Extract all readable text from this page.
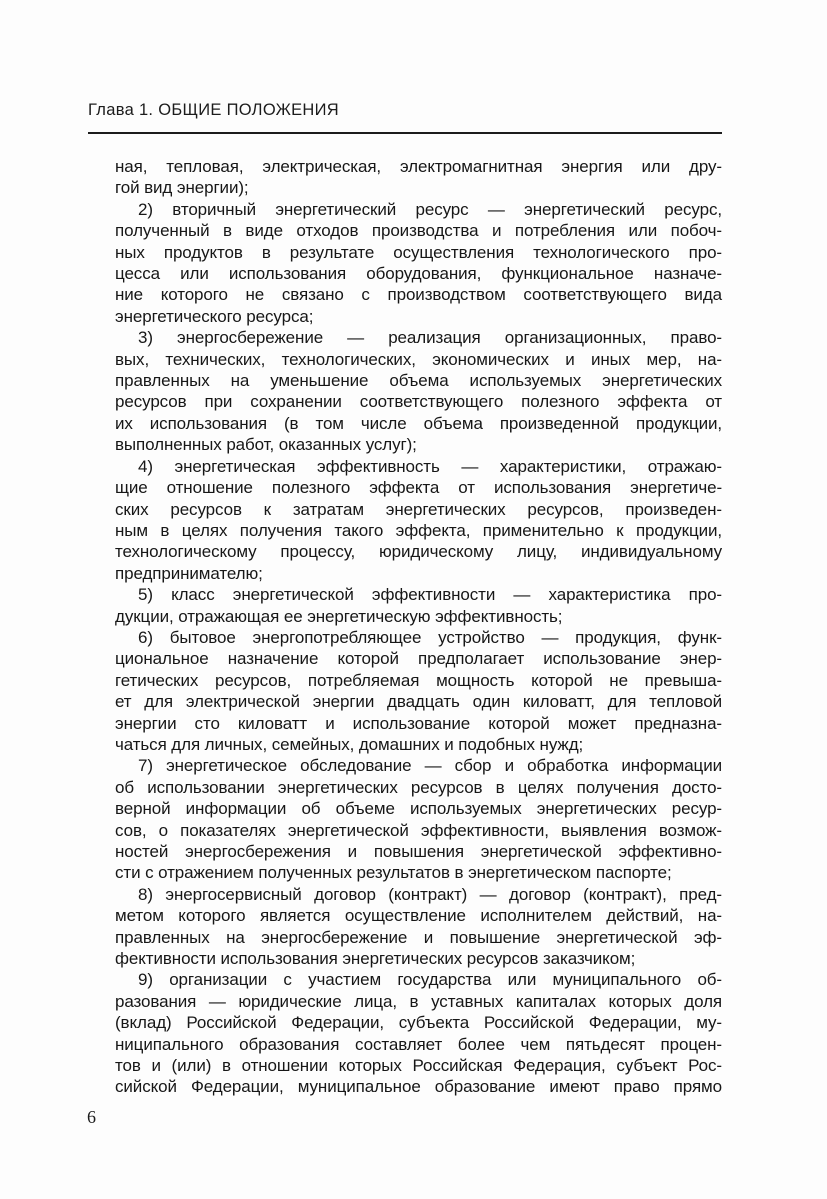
Глава 1. ОБЩИЕ ПОЛОЖЕНИЯ
ная, тепловая, электрическая, электромагнитная энергия или дру-
гой вид энергии);
2) вторичный энергетический ресурс — энергетический ресурс,
полученный в виде отходов производства и потребления или побоч-
ных продуктов в результате осуществления технологического про-
цесса или использования оборудования, функциональное назначе-
ние которого не связано с производством соответствующего вида
энергетического ресурса;
3) энергосбережение — реализация организационных, право-
вых, технических, технологических, экономических и иных мер, на-
правленных на уменьшение объема используемых энергетических
ресурсов при сохранении соответствующего полезного эффекта от
их использования (в том числе объема произведенной продукции,
выполненных работ, оказанных услуг);
4) энергетическая эффективность — характеристики, отражаю-
щие отношение полезного эффекта от использования энергетиче-
ских ресурсов к затратам энергетических ресурсов, произведен-
ным в целях получения такого эффекта, применительно к продукции,
технологическому процессу, юридическому лицу, индивидуальному
предпринимателю;
5) класс энергетической эффективности — характеристика про-
дукции, отражающая ее энергетическую эффективность;
6) бытовое энергопотребляющее устройство — продукция, функ-
циональное назначение которой предполагает использование энер-
гетических ресурсов, потребляемая мощность которой не превыша-
ет для электрической энергии двадцать один киловатт, для тепловой
энергии сто киловатт и использование которой может предназна-
чаться для личных, семейных, домашних и подобных нужд;
7) энергетическое обследование — сбор и обработка информации
об использовании энергетических ресурсов в целях получения досто-
верной информации об объеме используемых энергетических ресур-
сов, о показателях энергетической эффективности, выявления возмож-
ностей энергосбережения и повышения энергетической эффективно-
сти с отражением полученных результатов в энергетическом паспорте;
8) энергосервисный договор (контракт) — договор (контракт), пред-
метом которого является осуществление исполнителем действий, на-
правленных на энергосбережение и повышение энергетической эф-
фективности использования энергетических ресурсов заказчиком;
9) организации с участием государства или муниципального об-
разования — юридические лица, в уставных капиталах которых доля
(вклад) Российской Федерации, субъекта Российской Федерации, му-
ниципального образования составляет более чем пятьдесят процен-
тов и (или) в отношении которых Российская Федерация, субъект Рос-
сийской Федерации, муниципальное образование имеют право прямо
6
